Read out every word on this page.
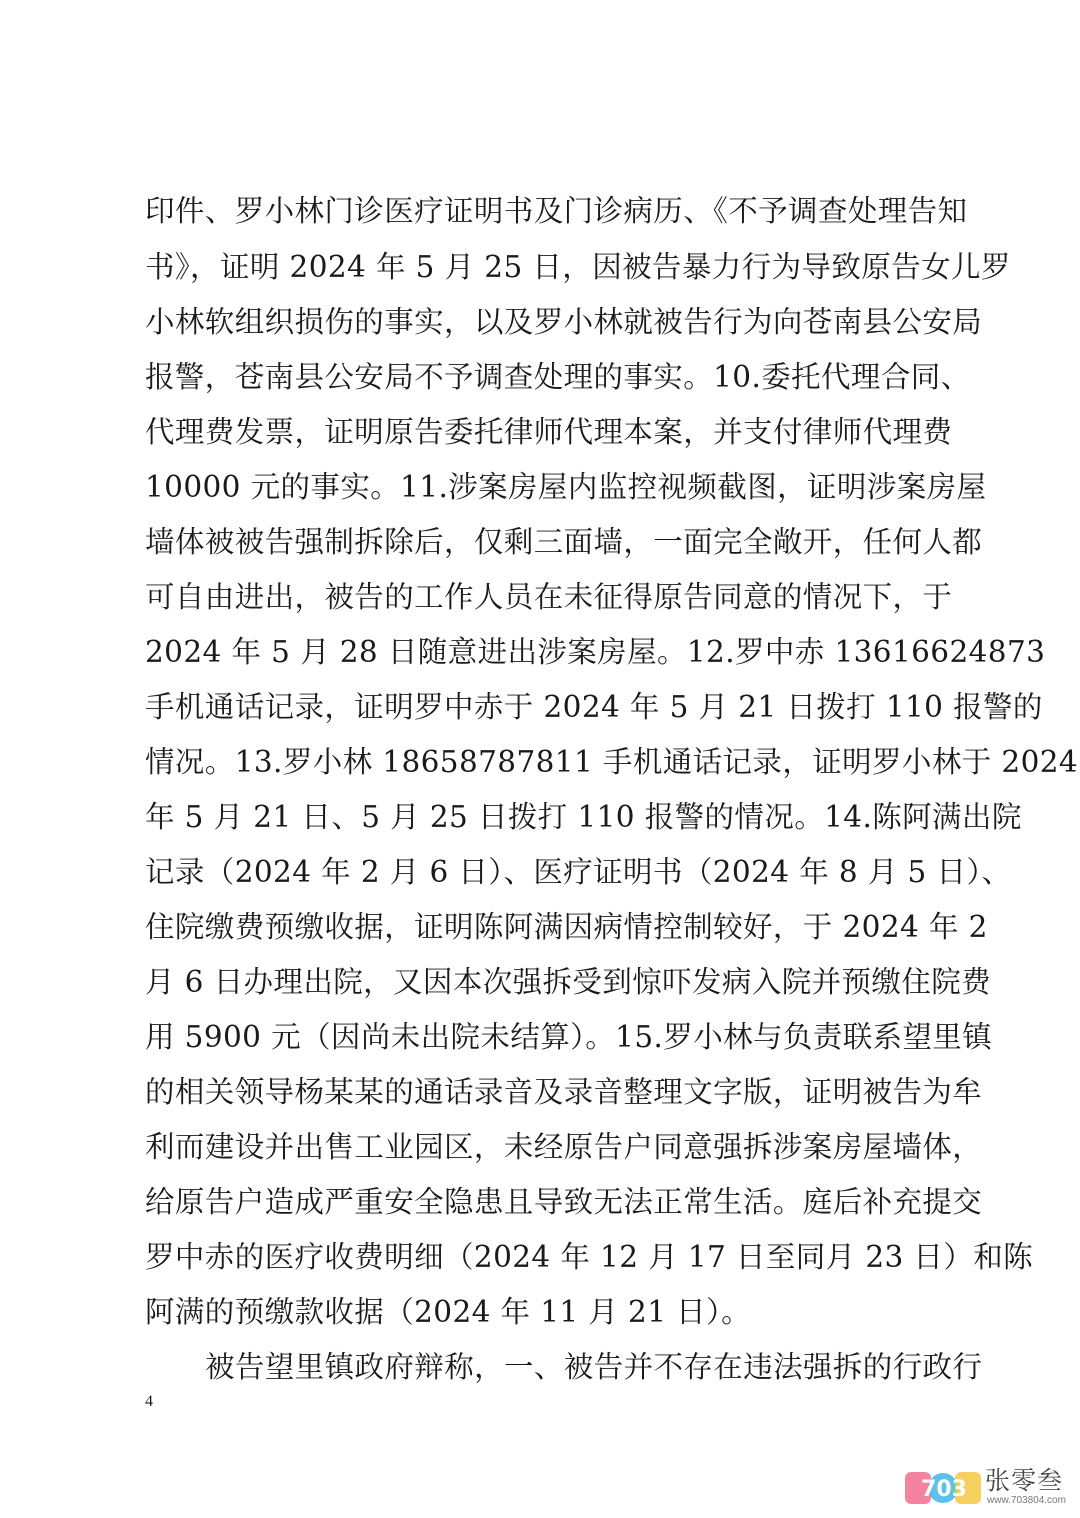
印件、罗小林门诊医疗证明书及门诊病历、《不予调查处理告知
书》，证明 2024 年 5 月 25 日，因被告暴力行为导致原告女儿罗
小林软组织损伤的事实，以及罗小林就被告行为向苍南县公安局
报警，苍南县公安局不予调查处理的事实。10.委托代理合同、
代理费发票，证明原告委托律师代理本案，并支付律师代理费
10000 元的事实。11.涉案房屋内监控视频截图，证明涉案房屋
墙体被被告强制拆除后，仅剩三面墙，一面完全敞开，任何人都
可自由进出，被告的工作人员在未征得原告同意的情况下，于
2024 年 5 月 28 日随意进出涉案房屋。12.罗中赤 13616624873
手机通话记录，证明罗中赤于 2024 年 5 月 21 日拨打 110 报警的
情况。13.罗小林 18658787811 手机通话记录，证明罗小林于 2024
年 5 月 21 日、5 月 25 日拨打 110 报警的情况。14.陈阿满出院
记录（2024 年 2 月 6 日）、医疗证明书（2024 年 8 月 5 日）、
住院缴费预缴收据，证明陈阿满因病情控制较好，于 2024 年 2
月 6 日办理出院，又因本次强拆受到惊吓发病入院并预缴住院费
用 5900 元（因尚未出院未结算）。15.罗小林与负责联系望里镇
的相关领导杨某某的通话录音及录音整理文字版，证明被告为牟
利而建设并出售工业园区，未经原告户同意强拆涉案房屋墙体，
给原告户造成严重安全隐患且导致无法正常生活。庭后补充提交
罗中赤的医疗收费明细（2024 年 12 月 17 日至同月 23 日）和陈
阿满的预缴款收据（2024 年 11 月 21 日）。
被告望里镇政府辩称，一、被告并不存在违法强拆的行政行
4
703 张零叁
www.703804.com
